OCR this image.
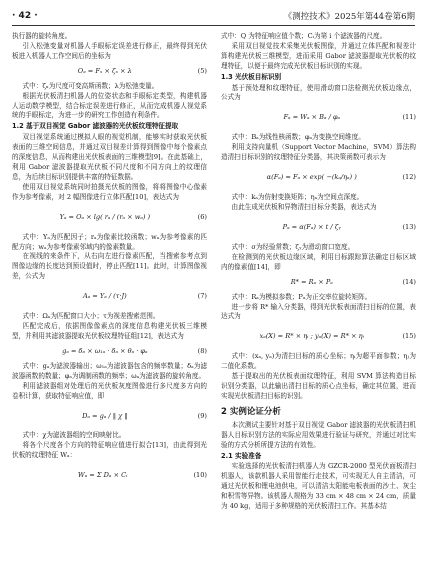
· 42 ·	《测控技术》2025年第44卷第6期

执行器的旋转角度。

引入松弛变量对机器人手眼标定误差进行修正，最终得到光伏板进入机器人工作空间后的坐标为

Oₐ = Fₓ × ζₓ × λ	(5)

式中：ζₓ为尺度可变高斯函数；λ为松弛变量。

根据光伏板清扫机器人的位姿状态和手眼标定类型，构建机器人运动数学模型，结合标定误差进行修正，从而完成机器人视觉系统的手眼标定，为进一步的研究工作创造有利条件。

1.2 基于双目视觉 Gabor 滤波器的光伏板纹理特征提取

双目视觉系统通过模拟人眼的视觉机制，能够实时获取光伏板表面的三维空间信息，并通过双目视差计算得到图像中每个像素点的深度信息，从而构建出光伏板表面的三维模型[9]。在此基础上，利用 Gabor 滤波器提取光伏板不同尺度和不同方向上的纹理信息，为后续目标识别提供丰富的特征数据。

使用双目视觉系统同时拍摄光伏板的图像，将将图像中心像素作为参考像素，对 2 幅图像进行立体匹配[10]，表达式为

Yₐ = Oₐ × lg( rₐ / (rₐ × wₐ) )	(6)

式中：Yₐ为匹配因子；rₐ为像素比较函数；wₐ为参考像素的匹配方向；wₐ为参考像素邻域内的像素数量。

在视线的来条件下，从右向左进行像素匹配，当搜索参考点到图像边缘的长度达到预设值时，停止匹配[11]。此时，计算图像视差，公式为

Aₐ = Yₐ / (τ·J)	(7)

式中：Ωₐ为匹配窗口大小；τ为视差搜索范围。

匹配完成后，依据图像像素点的深度信息构建光伏板三维模型，并利用其滤波器提取光伏板纹理特征组[12]，表达式为

gₐ = δₐ × ω₁ₐ · δₐ × θₐ · φₐ	(8)

式中：gₐ为滤波器输出；ω₁ₐ为滤波器包含的频率数量；δₐ为滤波器函数的数量；φₐ为调制函数的频率；ωₐ为滤波器的旋转角度。

利用滤波器组对处理后的光伏板灰度图像进行多尺度多方向的卷积计算，获取特征响应值，即

Dₐ = gₐ / ‖ χ ‖	(9)

式中：χ为滤波器组的空间映射比。

将各个尺度各个方向的特征响应值进行拟合[13]，由此得到光伏板的纹理特征 Wₐ：

Wₐ = Σ Dₐ × Cᵢ	(10)

式中：Q 为特征响应值个数；Cᵢ为第 i 个滤波器的尺度。

采用双目视觉技术采集光伏板图像，并通过立体匹配和视差计算构建光伏板三维模型，进而采用 Gabor 滤波器提取光伏板的纹理特征，以便于最终完成光伏板目标识别的实现。

1.3 光伏板目标识别

基于预处理和纹理特征，使用滑动窗口法检测光伏板边缘点，公式为

Fₐ = Wₐ × Bₐ / φₐ	(11)

式中：Bₐ为线性核函数；φₐ为变换空间维度。

利用支持向量机（Support Vector Machine，SVM）算法构造清扫目标识别的纹理特征分类器，其决策函数可表示为

α(Fₐ) = Fₐ × exp( −(kₐ/ηₐ) )	(12)

式中：kₐ为仿射变换矩阵；ηₐ为空间点深度。

由此生成光伏板和异物清扫目标分类器，表达式为

Pₐ = α(Fₐ) × t / ζᵧ	(13)

式中：σ为经验常数；ζᵧ为滑动窗口宽度。

在检测到的光伏板边缘区域，利用目标跟踪算法确定目标区域内的像素值[14]，即

R* = Rₐ × Pₐ	(14)

式中：Rₐ为模拟参数；Pₐ为正交率位旋转矩阵。

进一步将 R* 输入分类器，得到光伏板表面清扫目标的位置，表达式为

xₐ(X) = R* × ηᵢ ; yₐ(X) = R* × ηᵢ	(15)

式中：(xₐ, yₐ)为清扫目标的质心坐标；ηᵢ为超平面参数；ηⱼ为二值化系数。

基于提取出的光伏板表面纹理特征，利用 SVM 算法构造目标识别分类器，以此输出清扫目标的质心点坐标，确定其位置，进而实现光伏板清扫目标的识别。

2 实例论证分析

本次测试主要针对基于双目视觉 Gabor 滤波器的光伏板清扫机器人目标识别方法的实际应用效果进行验证与研究，并通过对比实验的方式分析所提方法的有效性。

2.1 实验准备

实验选择的光伏板清扫机器人为 GZCR-2000 型光伏面板清扫机器人，该款机器人采用智能行走技术，可实现无人自主清洁，可通过光伏板和锂电池供电，可以清洁太阳能电板表面的沙土、灰尘和积雪等异物。该机器人规格为 33 cm × 48 cm × 24 cm，质量为 40 kg，适用于多种规格的光伏板清扫工作。其基本结
